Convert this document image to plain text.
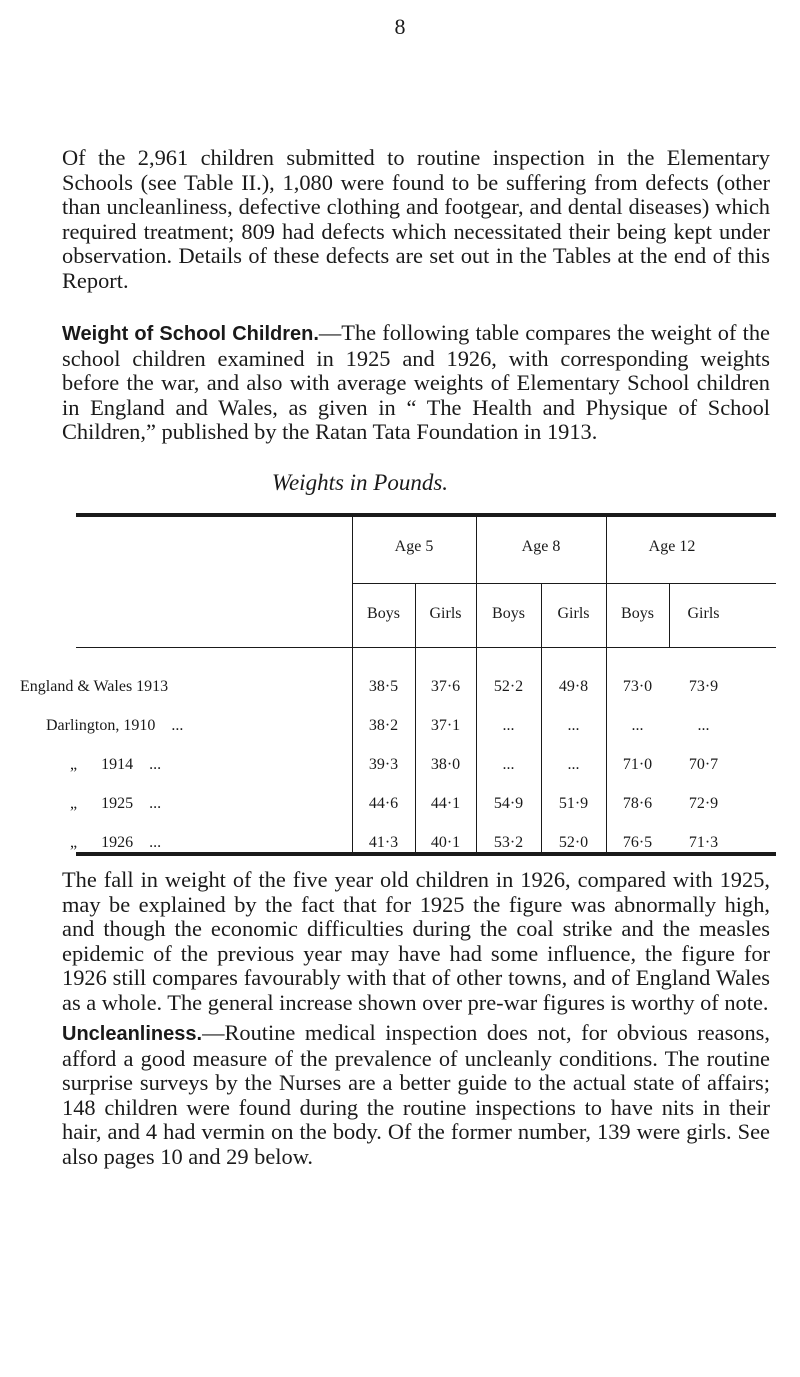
8

Of the 2,961 children submitted to routine inspection in the Elementary Schools (see Table II.), 1,080 were found to be suffering from defects (other than uncleanliness, defective clothing and footgear, and dental diseases) which required treatment; 809 had defects which necessitated their being kept under observation. Details of these defects are set out in the Tables at the end of this Report.

Weight of School Children.—The following table compares the weight of the school children examined in 1925 and 1926, with corresponding weights before the war, and also with average weights of Elementary School children in England and Wales, as given in “ The Health and Physique of School Children,” published by the Ratan Tata Foundation in 1913.

Weights in Pounds.
Age 5	Age 8	Age 12
Boys	Girls	Boys	Girls	Boys	Girls
England & Wales 1913	38·5	37·6	52·2	49·8	73·0	73·9
Darlington, 1910    ...	38·2	37·1	...	...	...	...
„      1914    ...	39·3	38·0	...	...	71·0	70·7
„      1925    ...	44·6	44·1	54·9	51·9	78·6	72·9
„      1926    ...	41·3	40·1	53·2	52·0	76·5	71·3

The fall in weight of the five year old children in 1926, compared with 1925, may be explained by the fact that for 1925 the figure was abnormally high, and though the economic difficulties during the coal strike and the measles epidemic of the previous year may have had some influence, the figure for 1926 still compares favourably with that of other towns, and of England Wales as a whole. The general increase shown over pre-war figures is worthy of note.

Uncleanliness.—Routine medical inspection does not, for obvious reasons, afford a good measure of the prevalence of uncleanly conditions. The routine surprise surveys by the Nurses are a better guide to the actual state of affairs; 148 children were found during the routine inspections to have nits in their hair, and 4 had vermin on the body. Of the former number, 139 were girls. See also pages 10 and 29 below.
